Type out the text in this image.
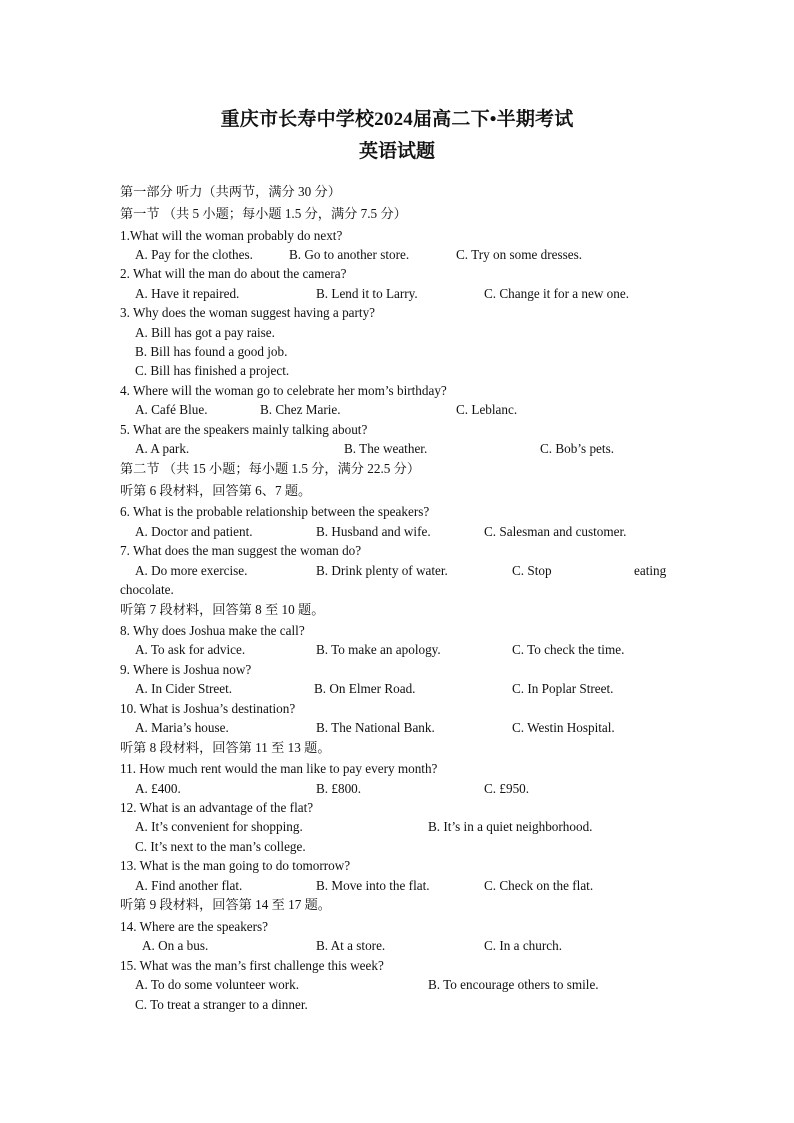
重庆市长寿中学校2024届高二下•半期考试
英语试题
第一部分 听力（共两节，满分 30 分）
第一节 （共 5 小题；每小题 1.5 分，满分 7.5 分）
1.What will the woman probably do next?
A. Pay for the clothes.	B. Go to another store.	C. Try on some dresses.
2. What will the man do about the camera?
A. Have it repaired.	B. Lend it to Larry.	C. Change it for a new one.
3. Why does the woman suggest having a party?
A. Bill has got a pay raise.
B. Bill has found a good job.
C. Bill has finished a project.
4. Where will the woman go to celebrate her mom’s birthday?
A. Café Blue.	B. Chez Marie.	C. Leblanc.
5. What are the speakers mainly talking about?
A. A park.	B. The weather.	C. Bob’s pets.
第二节 （共 15 小题；每小题 1.5 分，满分 22.5 分）
听第 6 段材料，回答第 6、7 题。
6. What is the probable relationship between the speakers?
A. Doctor and patient.	B. Husband and wife.	C. Salesman and customer.
7. What does the man suggest the woman do?
A. Do more exercise.	B. Drink plenty of water.	C. Stop	eating
chocolate.
听第 7 段材料，回答第 8 至 10 题。
8. Why does Joshua make the call?
A. To ask for advice.	B. To make an apology.	C. To check the time.
9. Where is Joshua now?
A. In Cider Street.	B. On Elmer Road.	C. In Poplar Street.
10. What is Joshua’s destination?
A. Maria’s house.	B. The National Bank.	C. Westin Hospital.
听第 8 段材料，回答第 11 至 13 题。
11. How much rent would the man like to pay every month?
A. £400.	B. £800.	C. £950.
12. What is an advantage of the flat?
A. It’s convenient for shopping.	B. It’s in a quiet neighborhood.
C. It’s next to the man’s college.
13. What is the man going to do tomorrow?
A. Find another flat.	B. Move into the flat.	C. Check on the flat.
听第 9 段材料，回答第 14 至 17 题。
14. Where are the speakers?
A. On a bus.	B. At a store.	C. In a church.
15. What was the man’s first challenge this week?
A. To do some volunteer work.	B. To encourage others to smile.
C. To treat a stranger to a dinner.
